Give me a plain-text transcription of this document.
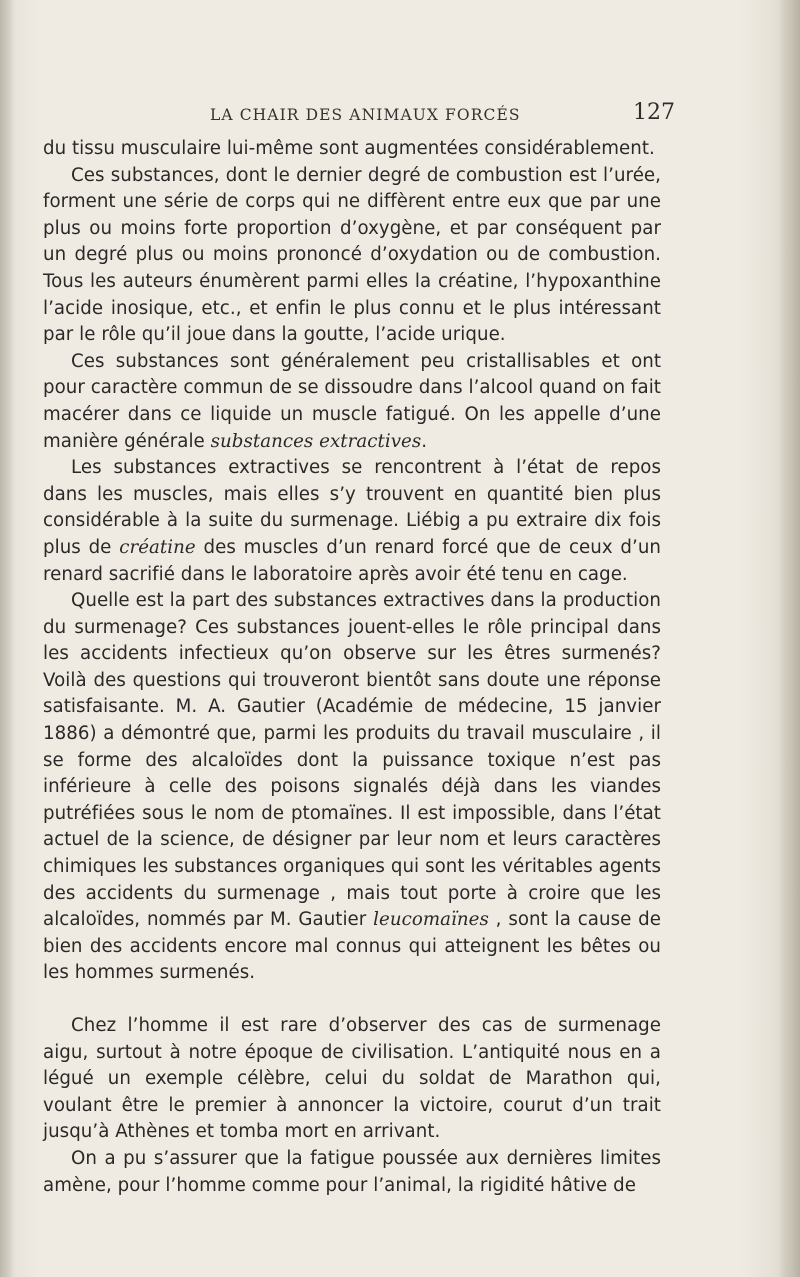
LA CHAIR DES ANIMAUX FORCÉS	127

du tissu musculaire lui-même sont augmentées considérablement.

Ces substances, dont le dernier degré de combustion est l’urée, forment une série de corps qui ne diffèrent entre eux que par une plus ou moins forte proportion d’oxygène, et par conséquent par un degré plus ou moins prononcé d’oxydation ou de combustion. Tous les auteurs énumèrent parmi elles la créatine, l’hypoxanthine l’acide inosique, etc., et enfin le plus connu et le plus intéressant par le rôle qu’il joue dans la goutte, l’acide urique.

Ces substances sont généralement peu cristallisables et ont pour caractère commun de se dissoudre dans l’alcool quand on fait macérer dans ce liquide un muscle fatigué. On les appelle d’une manière générale substances extractives.

Les substances extractives se rencontrent à l’état de repos dans les muscles, mais elles s’y trouvent en quantité bien plus considérable à la suite du surmenage. Liébig a pu extraire dix fois plus de créatine des muscles d’un renard forcé que de ceux d’un renard sacrifié dans le laboratoire après avoir été tenu en cage.

Quelle est la part des substances extractives dans la production du surmenage? Ces substances jouent-elles le rôle principal dans les accidents infectieux qu’on observe sur les êtres surmenés? Voilà des questions qui trouveront bientôt sans doute une réponse satisfaisante. M. A. Gautier (Académie de médecine, 15 janvier 1886) a démontré que, parmi les produits du travail musculaire , il se forme des alcaloïdes dont la puissance toxique n’est pas inférieure à celle des poisons signalés déjà dans les viandes putréfiées sous le nom de ptomaïnes. Il est impossible, dans l’état actuel de la science, de désigner par leur nom et leurs caractères chimiques les substances organiques qui sont les véritables agents des accidents du surmenage , mais tout porte à croire que les alcaloïdes, nommés par M. Gautier leucomaïnes , sont la cause de bien des accidents encore mal connus qui atteignent les bêtes ou les hommes surmenés.

Chez l’homme il est rare d’observer des cas de surmenage aigu, surtout à notre époque de civilisation. L’antiquité nous en a légué un exemple célèbre, celui du soldat de Marathon qui, voulant être le premier à annoncer la victoire, courut d’un trait jusqu’à Athènes et tomba mort en arrivant.

On a pu s’assurer que la fatigue poussée aux dernières limites amène, pour l’homme comme pour l’animal, la rigidité hâtive de
